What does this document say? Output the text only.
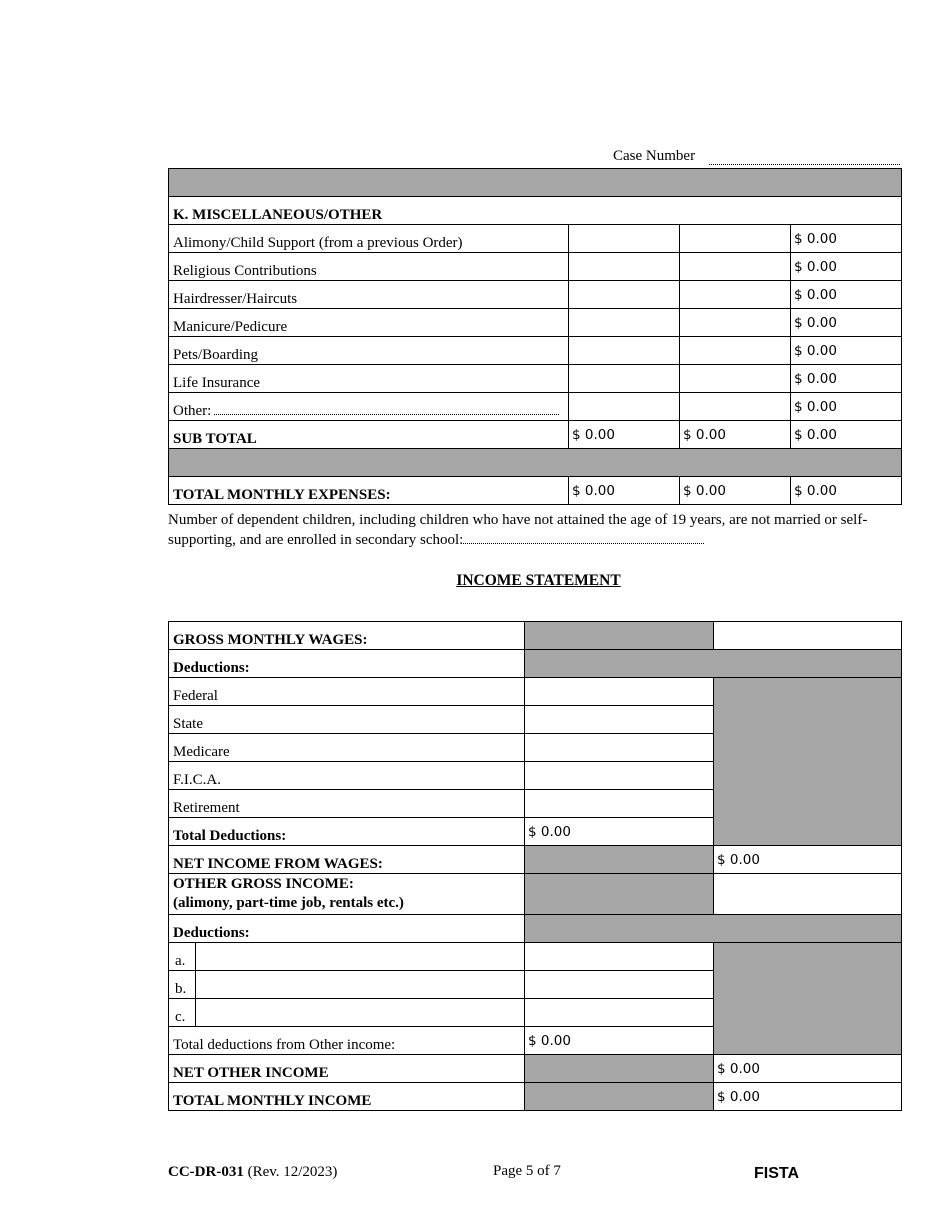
Case Number

K. MISCELLANEOUS/OTHER			
Alimony/Child Support (from a previous Order)			$ 0.00
Religious Contributions			$ 0.00
Hairdresser/Haircuts			$ 0.00
Manicure/Pedicure			$ 0.00
Pets/Boarding			$ 0.00
Life Insurance			$ 0.00
Other:			$ 0.00
SUB TOTAL	$ 0.00	$ 0.00	$ 0.00

TOTAL MONTHLY EXPENSES:	$ 0.00	$ 0.00	$ 0.00
Number of dependent children, including children who have not attained the age of 19 years, are not married or self-supporting, and are enrolled in secondary school:
INCOME STATEMENT
GROSS MONTHLY WAGES:			
Deductions:			
Federal			
State			
Medicare			
F.I.C.A.			
Retirement			
Total Deductions:		$ 0.00	
NET INCOME FROM WAGES:			$ 0.00

OTHER GROSS INCOME:
(alimony, part-time job, rentals etc.)			

Deductions:			
a.			
b.			
c.			
Total deductions from Other income:		$ 0.00	
NET OTHER INCOME			$ 0.00
TOTAL MONTHLY INCOME			$ 0.00
CC-DR-031 (Rev. 12/2023)	Page 5 of 7	FISTA
